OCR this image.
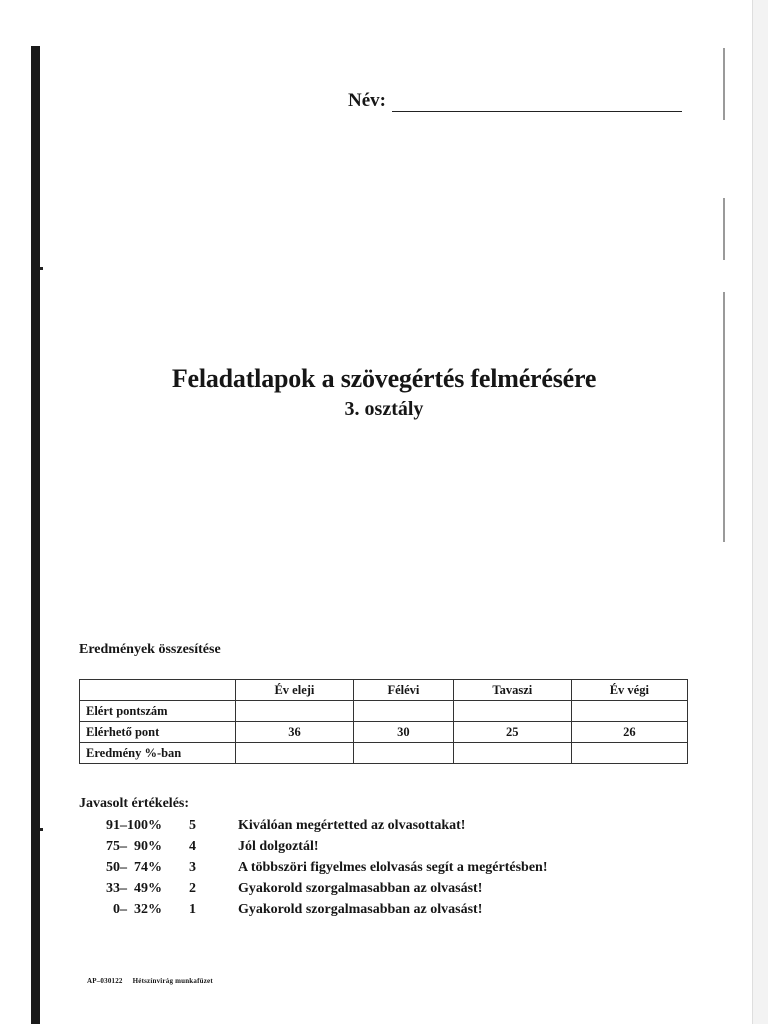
Név:
Feladatlapok a szövegértés felmérésére
3. osztály
Eredmények összesítése
	Év eleji	Félévi	Tavaszi	Év végi
Elért pontszám				
Elérhető pont	36	30	25	26
Eredmény %-ban				
Javasolt értékelés:
91–100% 5	Kiválóan megértetted az olvasottakat!
75–  90% 4	Jól dolgoztál!
50–  74% 3	A többszöri figyelmes elolvasás segít a megértésben!
33–  49% 2	Gyakorold szorgalmasabban az olvasást!
0–  32% 1	Gyakorold szorgalmasabban az olvasást!
AP–030122 Hétszínvirág munkafüzet
